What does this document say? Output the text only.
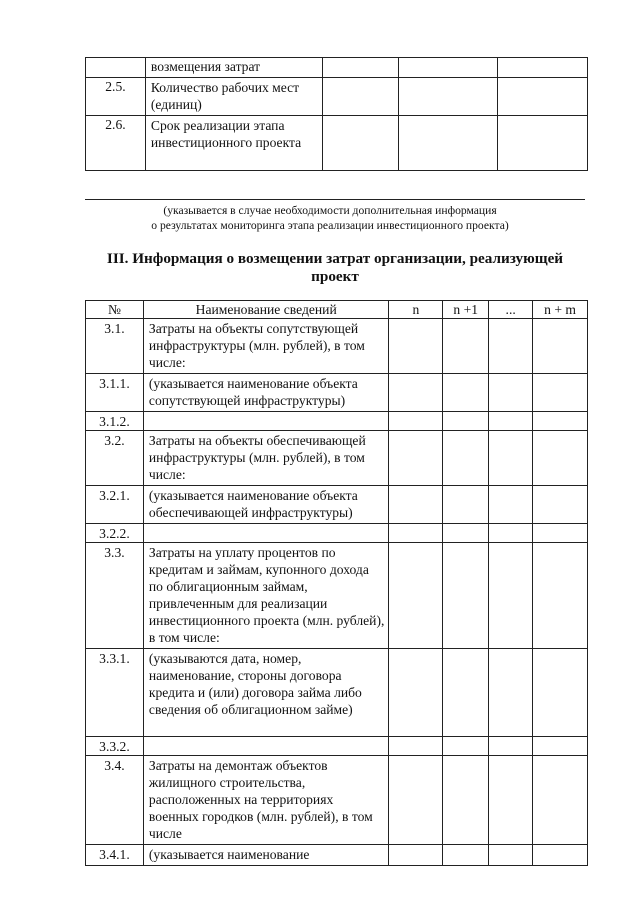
	возмещения затрат			
2.5.	Количество рабочих мест (единиц)			
2.6.	Срок реализации этапа инвестиционного проекта			
(указывается в случае необходимости дополнительная информация
о результатах мониторинга этапа реализации инвестиционного проекта)
III. Информация о возмещении затрат организации, реализующей проект
№	Наименование сведений	n	n +1	...	n + m
3.1.	Затраты на объекты сопутствующей инфраструктуры (млн. рублей), в том числе:				
3.1.1.	(указывается наименование объекта сопутствующей инфраструктуры)				
3.1.2.					
3.2.	Затраты на объекты обеспечивающей инфраструктуры (млн. рублей), в том числе:				
3.2.1.	(указывается наименование объекта обеспечивающей инфраструктуры)				
3.2.2.					
3.3.	Затраты на уплату процентов по кредитам и займам, купонного дохода по облигационным займам, привлеченным для реализации инвестиционного проекта (млн. рублей), в том числе:				
3.3.1.	(указываются дата, номер, наименование, стороны договора кредита и (или) договора займа либо сведения об облигационном займе)				
3.3.2.					
3.4.	Затраты на демонтаж объектов жилищного строительства, расположенных на территориях военных городков (млн. рублей), в том числе				
3.4.1.	(указывается наименование				
